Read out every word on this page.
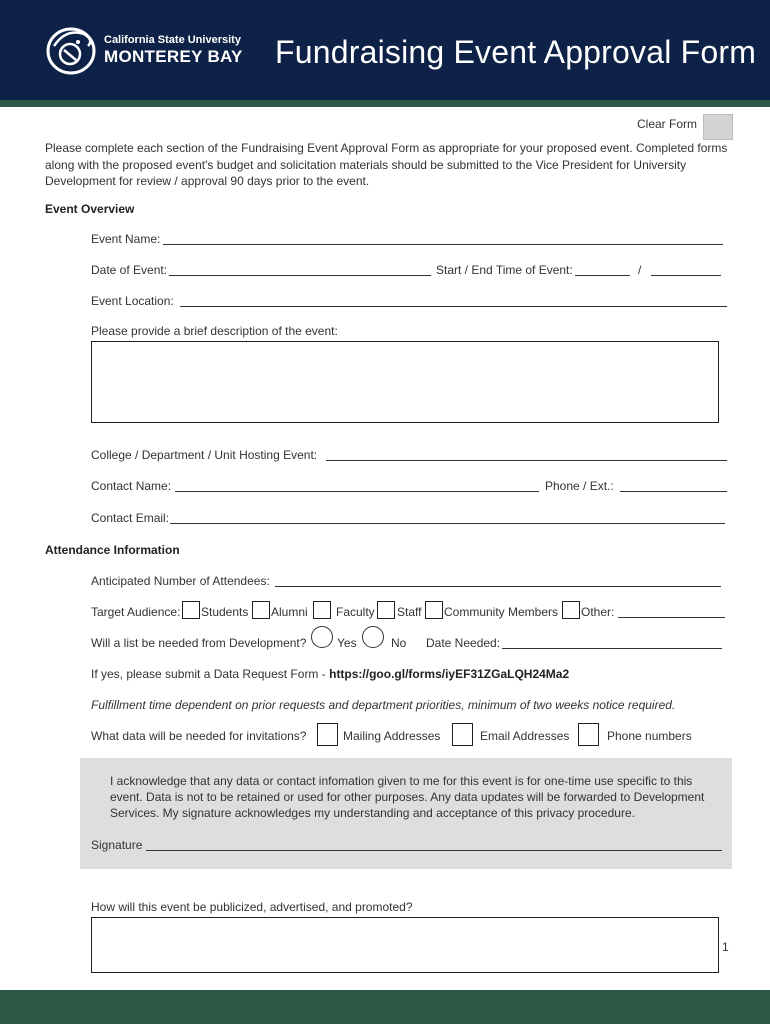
California State University
MONTEREY BAY Fundraising Event Approval Form
Clear Form
Please complete each section of the Fundraising Event Approval Form as appropriate for your proposed event. Completed forms along with the proposed event's budget and solicitation materials should be submitted to the Vice President for University Development for review / approval 90 days prior to the event.
Event Overview
Event Name:
Date of Event:	Start / End Time of Event:	/
Event Location:
Please provide a brief description of the event:
College / Department / Unit Hosting Event:
Contact Name:	Phone / Ext.:
Contact Email:
Attendance Information
Anticipated Number of Attendees:
Target Audience: Students Alumni Faculty Staff Community Members Other:
Will a list be needed from Development?	Yes	No Date Needed:
If yes, please submit a Data Request Form - https://goo.gl/forms/iyEF31ZGaLQH24Ma2
Fulfillment time dependent on prior requests and department priorities, minimum of two weeks notice required.
What data will be needed for invitations?	Mailing Addresses	Email Addresses	Phone numbers
I acknowledge that any data or contact infomation given to me for this event is for one-time use specific to this event. Data is not to be retained or used for other purposes. Any data updates will be forwarded to Development Services. My signature acknowledges my understanding and acceptance of this privacy procedure.
Signature
How will this event be publicized, advertised, and promoted?
1
